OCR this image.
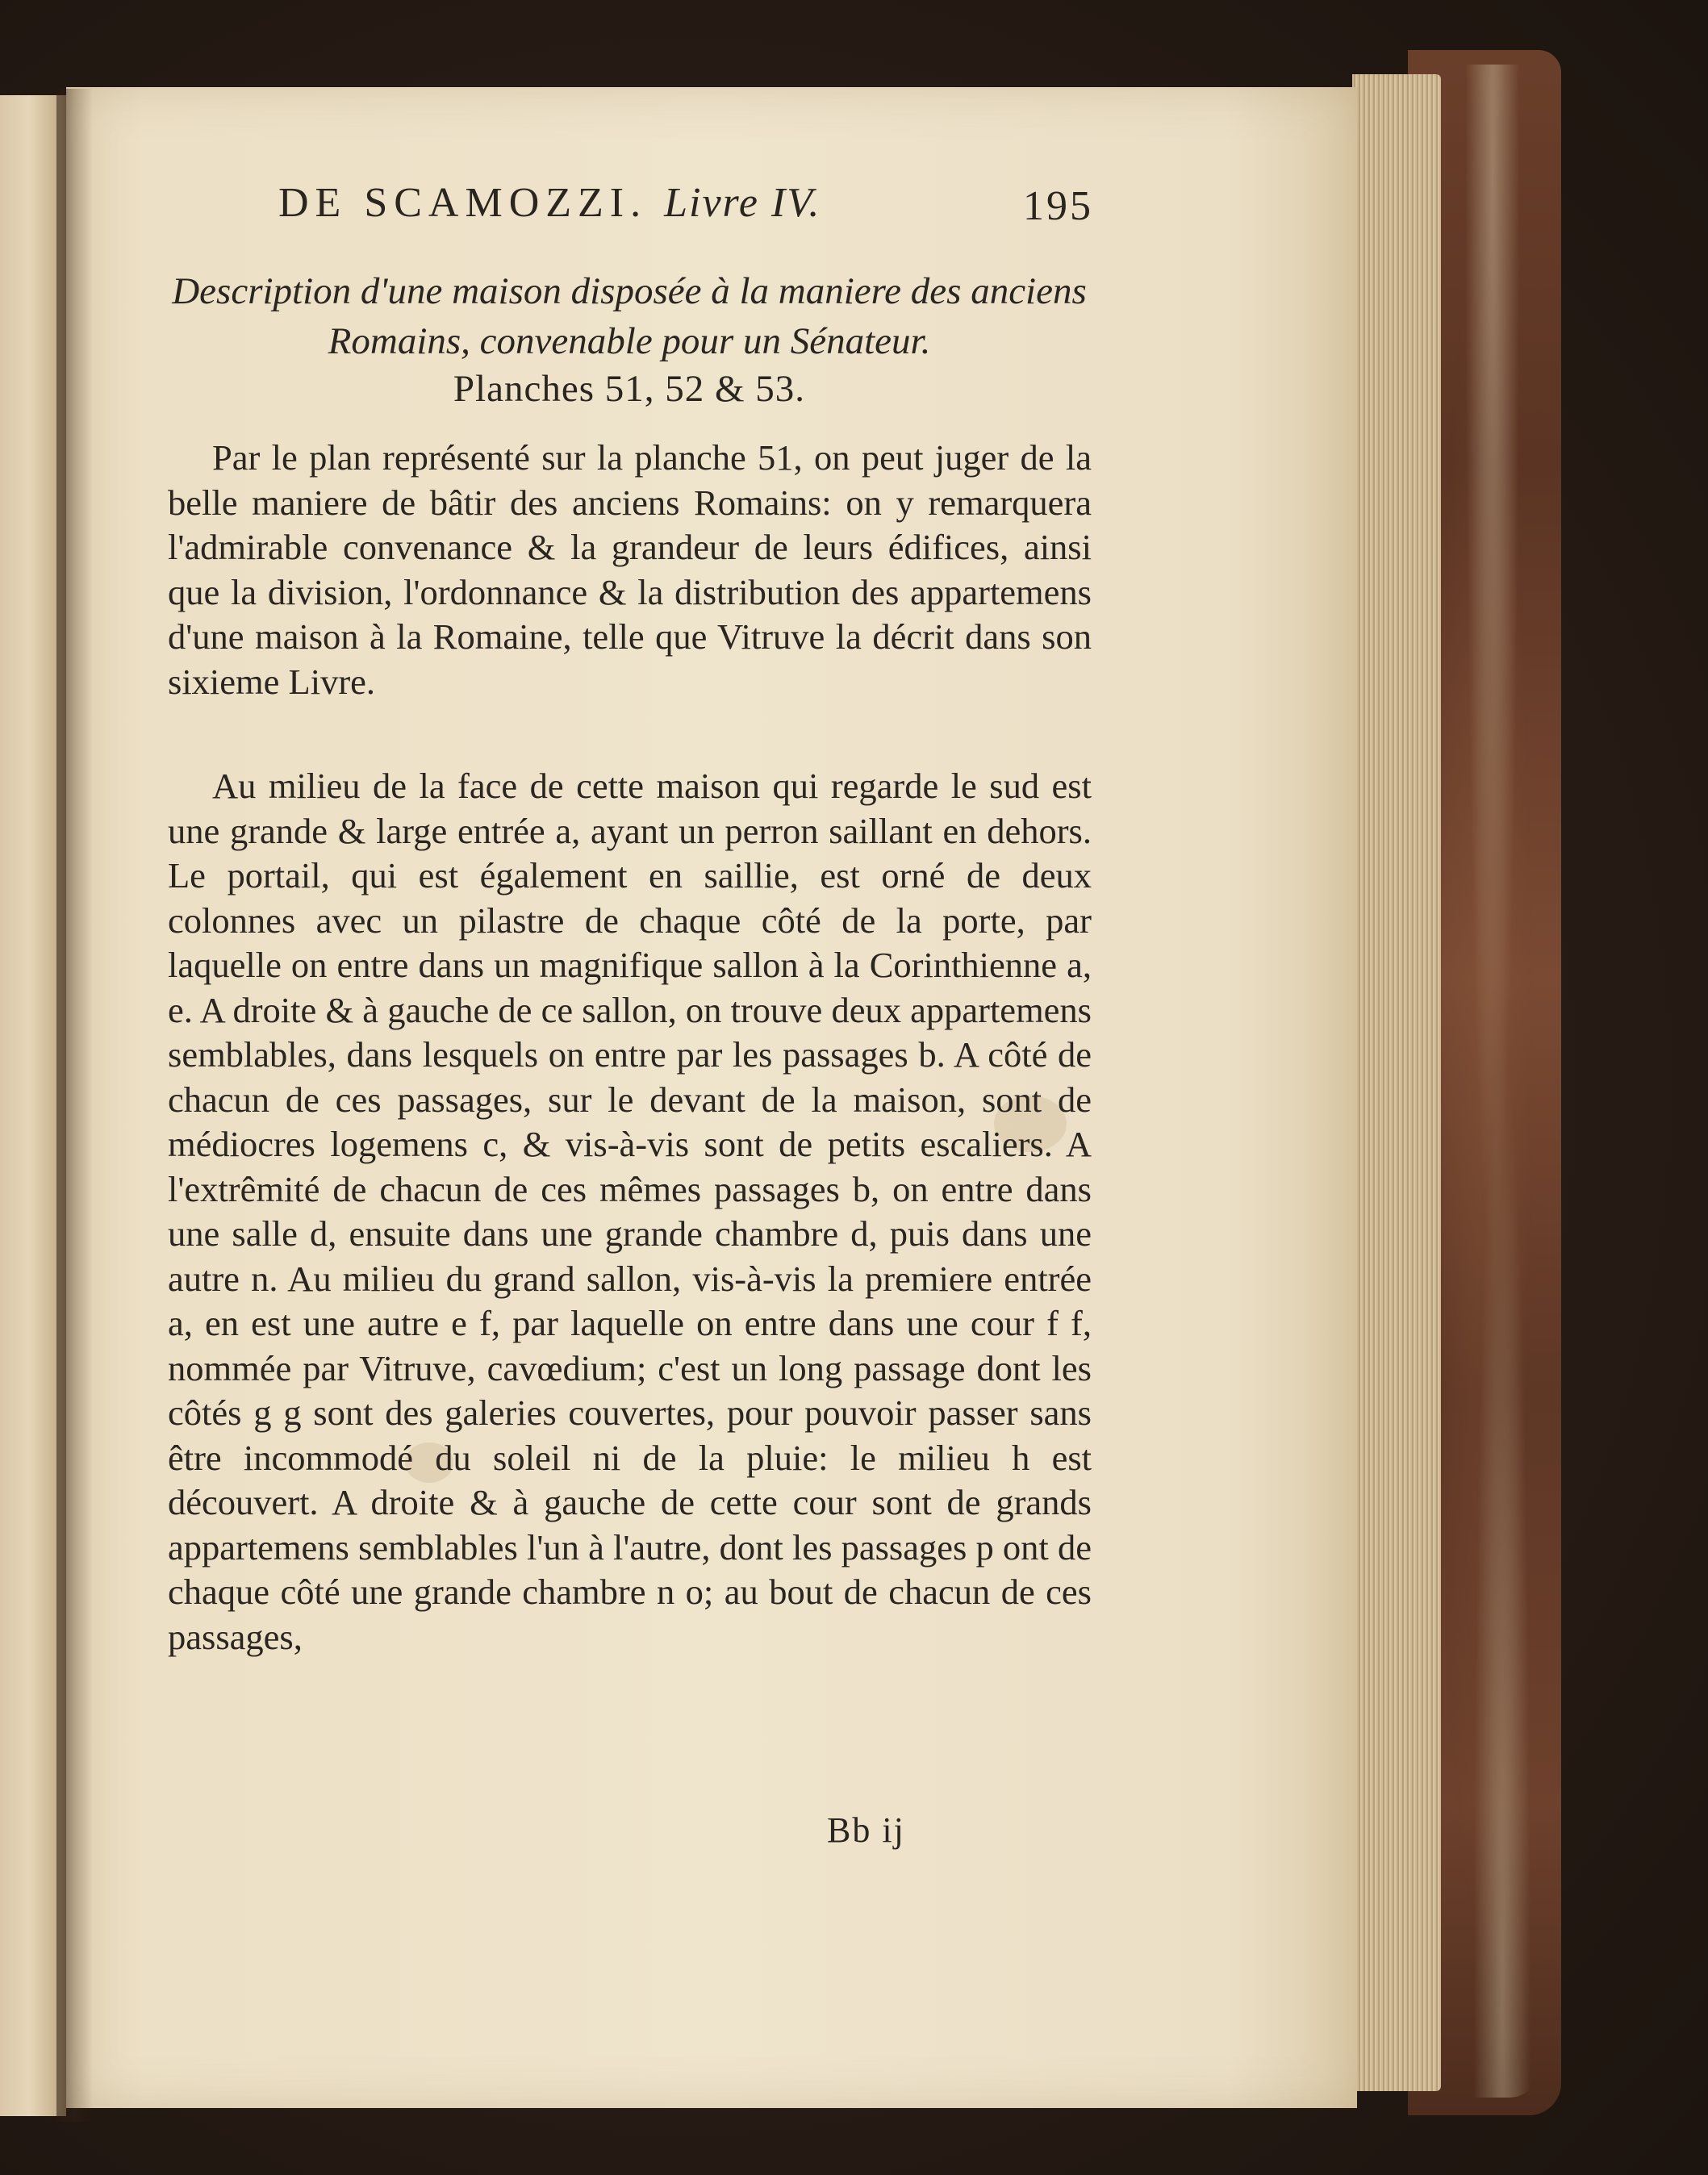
DE SCAMOZZI. Livre IV.	195
Description d'une maison disposée à la maniere des anciens Romains, convenable pour un Sénateur.
Planches 51, 52 & 53.
Par le plan représenté sur la planche 51, on peut juger de la belle maniere de bâtir des anciens Romains: on y remarquera l'admirable convenance & la grandeur de leurs édifices, ainsi que la division, l'ordonnance & la distribution des appartemens d'une maison à la Romaine, telle que Vitruve la décrit dans son sixieme Livre.
Au milieu de la face de cette maison qui regarde le sud est une grande & large entrée a, ayant un perron saillant en dehors. Le portail, qui est également en saillie, est orné de deux colonnes avec un pilastre de chaque côté de la porte, par laquelle on entre dans un magnifique sallon à la Corinthienne a, e. A droite & à gauche de ce sallon, on trouve deux appartemens semblables, dans lesquels on entre par les passages b. A côté de chacun de ces passages, sur le devant de la maison, sont de médiocres logemens c, & vis-à-vis sont de petits escaliers. A l'extrêmité de chacun de ces mêmes passages b, on entre dans une salle d, ensuite dans une grande chambre d, puis dans une autre n. Au milieu du grand sallon, vis-à-vis la premiere entrée a, en est une autre e f, par laquelle on entre dans une cour f f, nommée par Vitruve, cavœdium; c'est un long passage dont les côtés g g sont des galeries couvertes, pour pouvoir passer sans être incommodé du soleil ni de la pluie: le milieu h est découvert. A droite & à gauche de cette cour sont de grands appartemens semblables l'un à l'autre, dont les passages p ont de chaque côté une grande chambre n o; au bout de chacun de ces passages,
Bb ij
